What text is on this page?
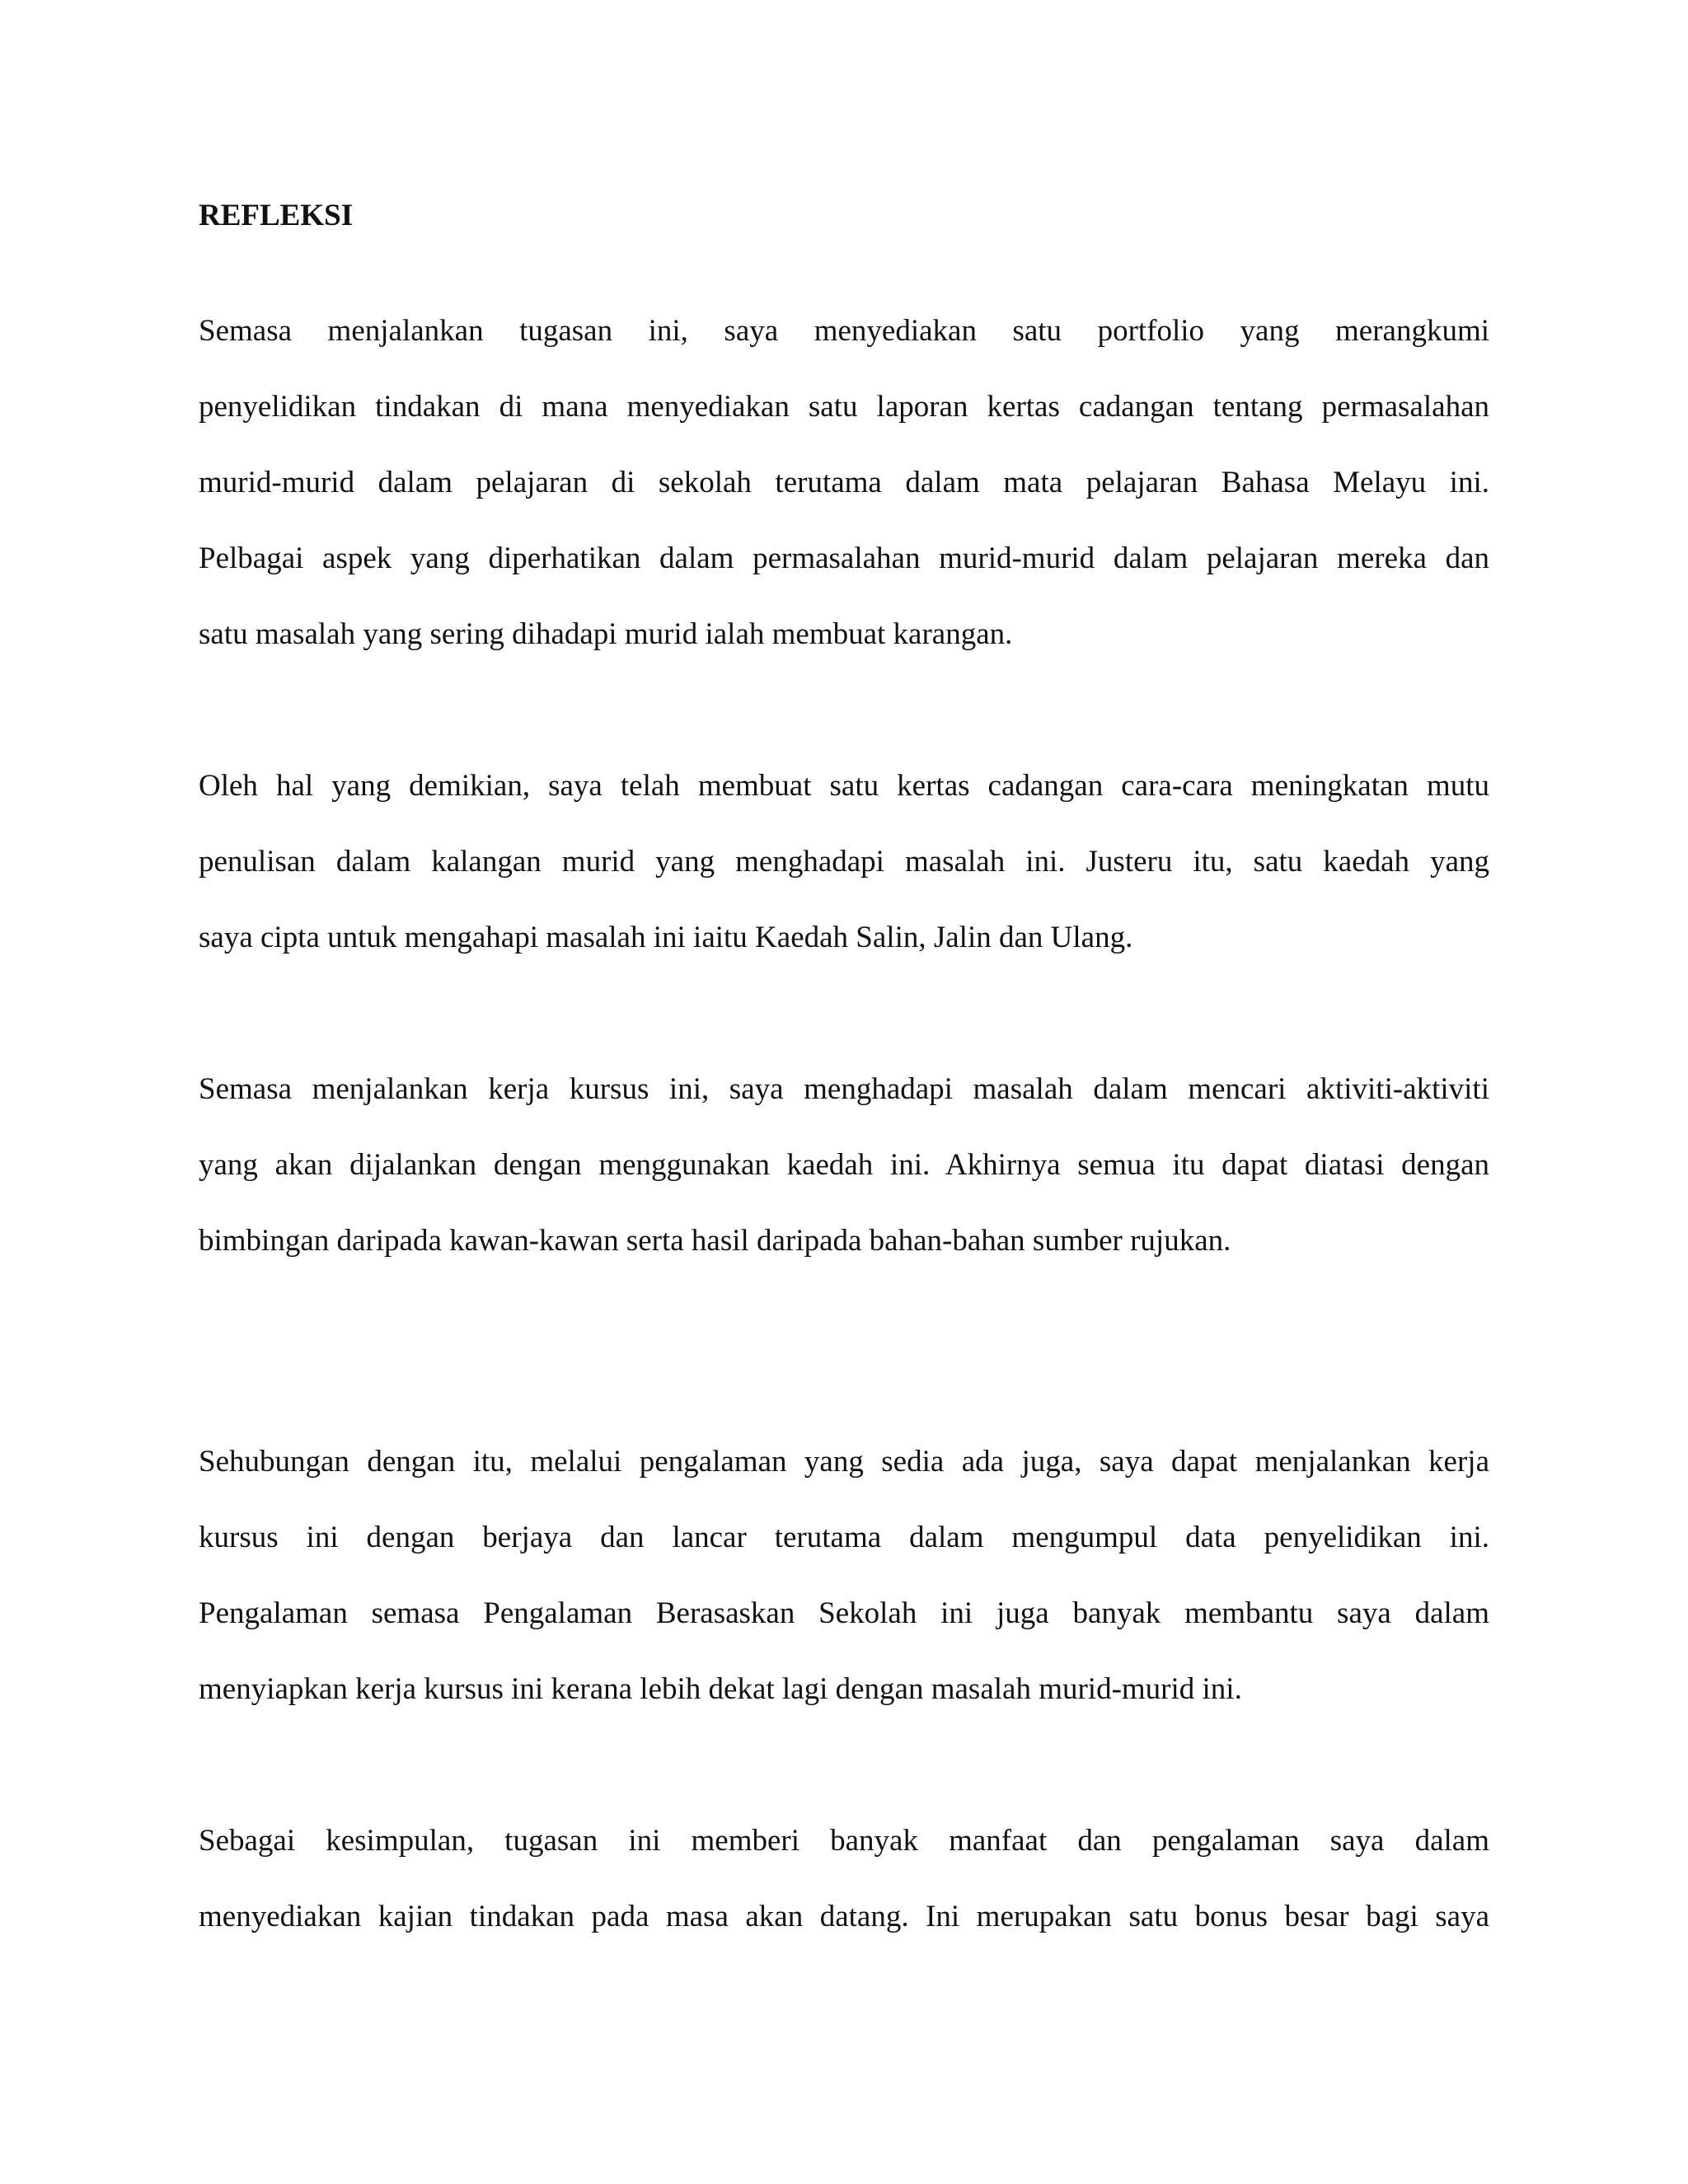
REFLEKSI
Semasa menjalankan tugasan ini, saya menyediakan satu portfolio yang merangkumi
penyelidikan tindakan di mana menyediakan satu laporan kertas cadangan tentang permasalahan
murid-murid dalam pelajaran di sekolah terutama dalam mata pelajaran Bahasa Melayu ini.
Pelbagai aspek yang diperhatikan dalam permasalahan murid-murid dalam pelajaran mereka dan
satu masalah yang sering dihadapi murid ialah membuat karangan.
Oleh hal yang demikian, saya telah membuat satu kertas cadangan cara-cara meningkatan mutu
penulisan dalam kalangan murid yang menghadapi masalah ini. Justeru itu, satu kaedah yang
saya cipta untuk mengahapi masalah ini iaitu Kaedah Salin, Jalin dan Ulang.
Semasa menjalankan kerja kursus ini, saya menghadapi masalah dalam mencari aktiviti-aktiviti
yang akan dijalankan dengan menggunakan kaedah ini. Akhirnya semua itu dapat diatasi dengan
bimbingan daripada kawan-kawan serta hasil daripada bahan-bahan sumber rujukan.
Sehubungan dengan itu, melalui pengalaman yang sedia ada juga, saya dapat menjalankan kerja
kursus ini dengan berjaya dan lancar terutama dalam mengumpul data penyelidikan ini.
Pengalaman semasa Pengalaman Berasaskan Sekolah ini juga banyak membantu saya dalam
menyiapkan kerja kursus ini kerana lebih dekat lagi dengan masalah murid-murid ini.
Sebagai kesimpulan, tugasan ini memberi banyak manfaat dan pengalaman saya dalam
menyediakan kajian tindakan pada masa akan datang. Ini merupakan satu bonus besar bagi saya
